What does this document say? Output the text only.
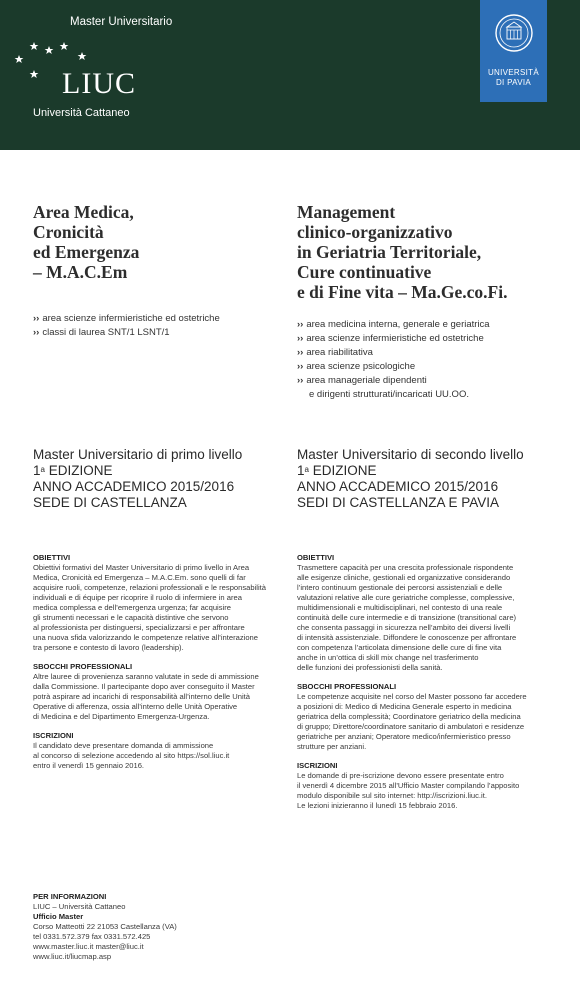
Master Universitario
LIUC
Università Cattaneo
UNIVERSITÀ
DI PAVIA
Area Medica,
Cronicità
ed Emergenza
– M.A.C.Em
Management
clinico-organizzativo
in Geriatria Territoriale,
Cure continuative
e di Fine vita – Ma.Ge.co.Fi.
›› area scienze infermieristiche ed ostetriche
›› classi di laurea SNT/1 LSNT/1
›› area medicina interna, generale e geriatrica
›› area scienze infermieristiche ed ostetriche
›› area riabilitativa
›› area scienze psicologiche
›› area manageriale dipendenti
e dirigenti strutturati/incaricati UU.OO.
Master Universitario di primo livello
1$^a$ EDIZIONE
ANNO ACCADEMICO 2015/2016
SEDE DI CASTELLANZA
Master Universitario di secondo livello
1$^a$ EDIZIONE
ANNO ACCADEMICO 2015/2016
SEDI DI CASTELLANZA E PAVIA
OBIETTIVI

Obiettivi formativi del Master Universitario di primo livello in Area
Medica, Cronicità ed Emergenza – M.A.C.Em. sono quelli di far
acquisire ruoli, competenze, relazioni professionali e le responsabilità
individuali e di équipe per ricoprire il ruolo di infermiere in area
medica complessa e dell’emergenza urgenza; far acquisire
gli strumenti necessari e le capacità distintive che servono
al professionista per distinguersi, specializzarsi e per affrontare
una nuova sfida valorizzando le competenze relative all’interazione
tra persone e contesto di lavoro (leadership).

SBOCCHI PROFESSIONALI

Altre lauree di provenienza saranno valutate in sede di ammissione
dalla Commissione. Il partecipante dopo aver conseguito il Master
potrà aspirare ad incarichi di responsabilità all’interno delle Unità
Operative di afferenza, ossia all’interno delle Unità Operative
di Medicina e del Dipartimento Emergenza-Urgenza.

ISCRIZIONI

Il candidato deve presentare domanda di ammissione
al concorso di selezione accedendo al sito https://sol.liuc.it
entro il venerdì 15 gennaio 2016.

OBIETTIVI

Trasmettere capacità per una crescita professionale rispondente
alle esigenze cliniche, gestionali ed organizzative considerando
l’intero continuum gestionale dei percorsi assistenziali e delle
valutazioni relative alle cure geriatriche complesse, complessive,
multidimensionali e multidisciplinari, nel contesto di una reale
continuità delle cure intermedie e di transizione (transitional care)
che consenta passaggi in sicurezza nell’ambito dei diversi livelli
di intensità assistenziale. Diffondere le conoscenze per affrontare
con competenza l’articolata dimensione delle cure di fine vita
anche in un’ottica di skill mix change nel trasferimento
delle funzioni dei professionisti della sanità.

SBOCCHI PROFESSIONALI

Le competenze acquisite nel corso del Master possono far accedere
a posizioni di: Medico di Medicina Generale esperto in medicina
geriatrica della complessità; Coordinatore geriatrico della medicina
di gruppo; Direttore/coordinatore sanitario di ambulatori e residenze
geriatriche per anziani; Operatore medico/infermieristico presso
strutture per anziani.

ISCRIZIONI

Le domande di pre-iscrizione devono essere presentate entro
il venerdì 4 dicembre 2015 all’Ufficio Master compilando l’apposito
modulo disponibile sul sito internet: http://iscrizioni.liuc.it.
Le lezioni inizieranno il lunedì 15 febbraio 2016.

PER INFORMAZIONI
LIUC – Università Cattaneo
Ufficio Master
Corso Matteotti 22 21053 Castellanza (VA)
tel 0331.572.379 fax 0331.572.425
www.master.liuc.it master@liuc.it
www.liuc.it/liucmap.asp
